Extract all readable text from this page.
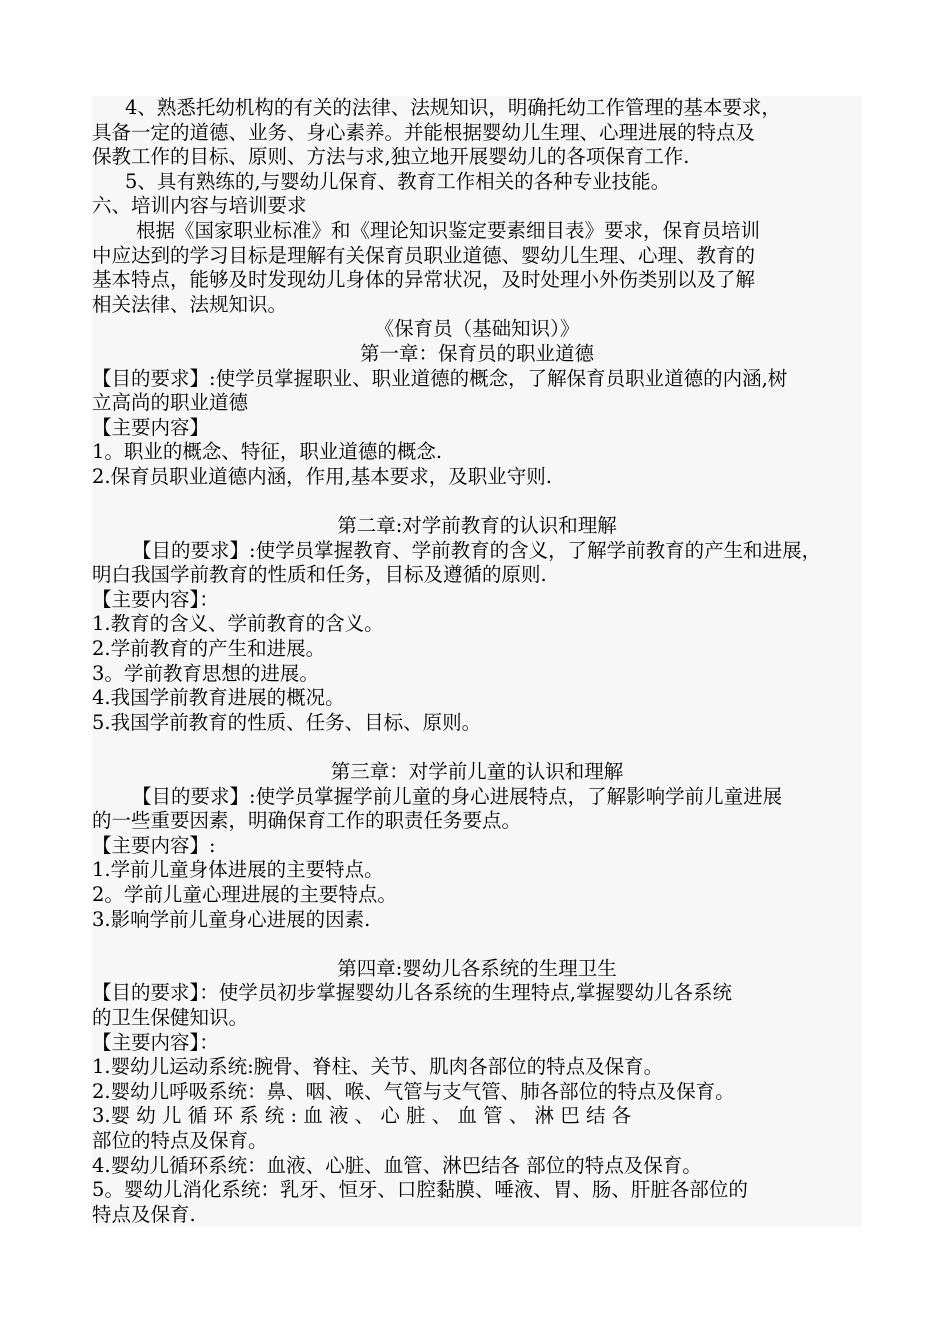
4、熟悉托幼机构的有关的法律、法规知识，明确托幼工作管理的基本要求，

具备一定的道德、业务、身心素养。并能根据婴幼儿生理、心理进展的特点及

保教工作的目标、原则、方法与求,独立地开展婴幼儿的各项保育工作.

5、具有熟练的,与婴幼儿保育、教育工作相关的各种专业技能。

六、培训内容与培训要求

根据《国家职业标准》和《理论知识鉴定要素细目表》要求，保育员培训

中应达到的学习目标是理解有关保育员职业道德、婴幼儿生理、心理、教育的

基本特点，能够及时发现幼儿身体的异常状况，及时处理小外伤类别以及了解

相关法律、法规知识。

《保育员（基础知识）》

第一章：保育员的职业道德

【目的要求】:使学员掌握职业、职业道德的概念，了解保育员职业道德的内涵,树

立高尚的职业道德

【主要内容】

1。职业的概念、特征，职业道德的概念.

2.保育员职业道德内涵，作用,基本要求，及职业守则.

第二章:对学前教育的认识和理解

【目的要求】:使学员掌握教育、学前教育的含义，了解学前教育的产生和进展，

明白我国学前教育的性质和任务，目标及遵循的原则.

【主要内容】：

1.教育的含义、学前教育的含义。

2.学前教育的产生和进展。

3。学前教育思想的进展。

4.我国学前教育进展的概况。

5.我国学前教育的性质、任务、目标、原则。

第三章：对学前儿童的认识和理解

【目的要求】:使学员掌握学前儿童的身心进展特点，了解影响学前儿童进展

的一些重要因素，明确保育工作的职责任务要点。

【主要内容】:

1.学前儿童身体进展的主要特点。

2。学前儿童心理进展的主要特点。

3.影响学前儿童身心进展的因素.

第四章:婴幼儿各系统的生理卫生

【目的要求】：使学员初步掌握婴幼儿各系统的生理特点,掌握婴幼儿各系统

的卫生保健知识。

【主要内容】：

1.婴幼儿运动系统:腕骨、脊柱、关节、肌肉各部位的特点及保育。

2.婴幼儿呼吸系统：鼻、咽、喉、气管与支气管、肺各部位的特点及保育。

3.婴 幼 儿 循 环 系 统 : 血 液 、 心 脏 、 血 管 、 淋 巴 结 各

部位的特点及保育。

4.婴幼儿循环系统：血液、心脏、血管、淋巴结各 部位的特点及保育。

5。婴幼儿消化系统：乳牙、恒牙、口腔黏膜、唾液、胃、肠、肝脏各部位的

特点及保育.
